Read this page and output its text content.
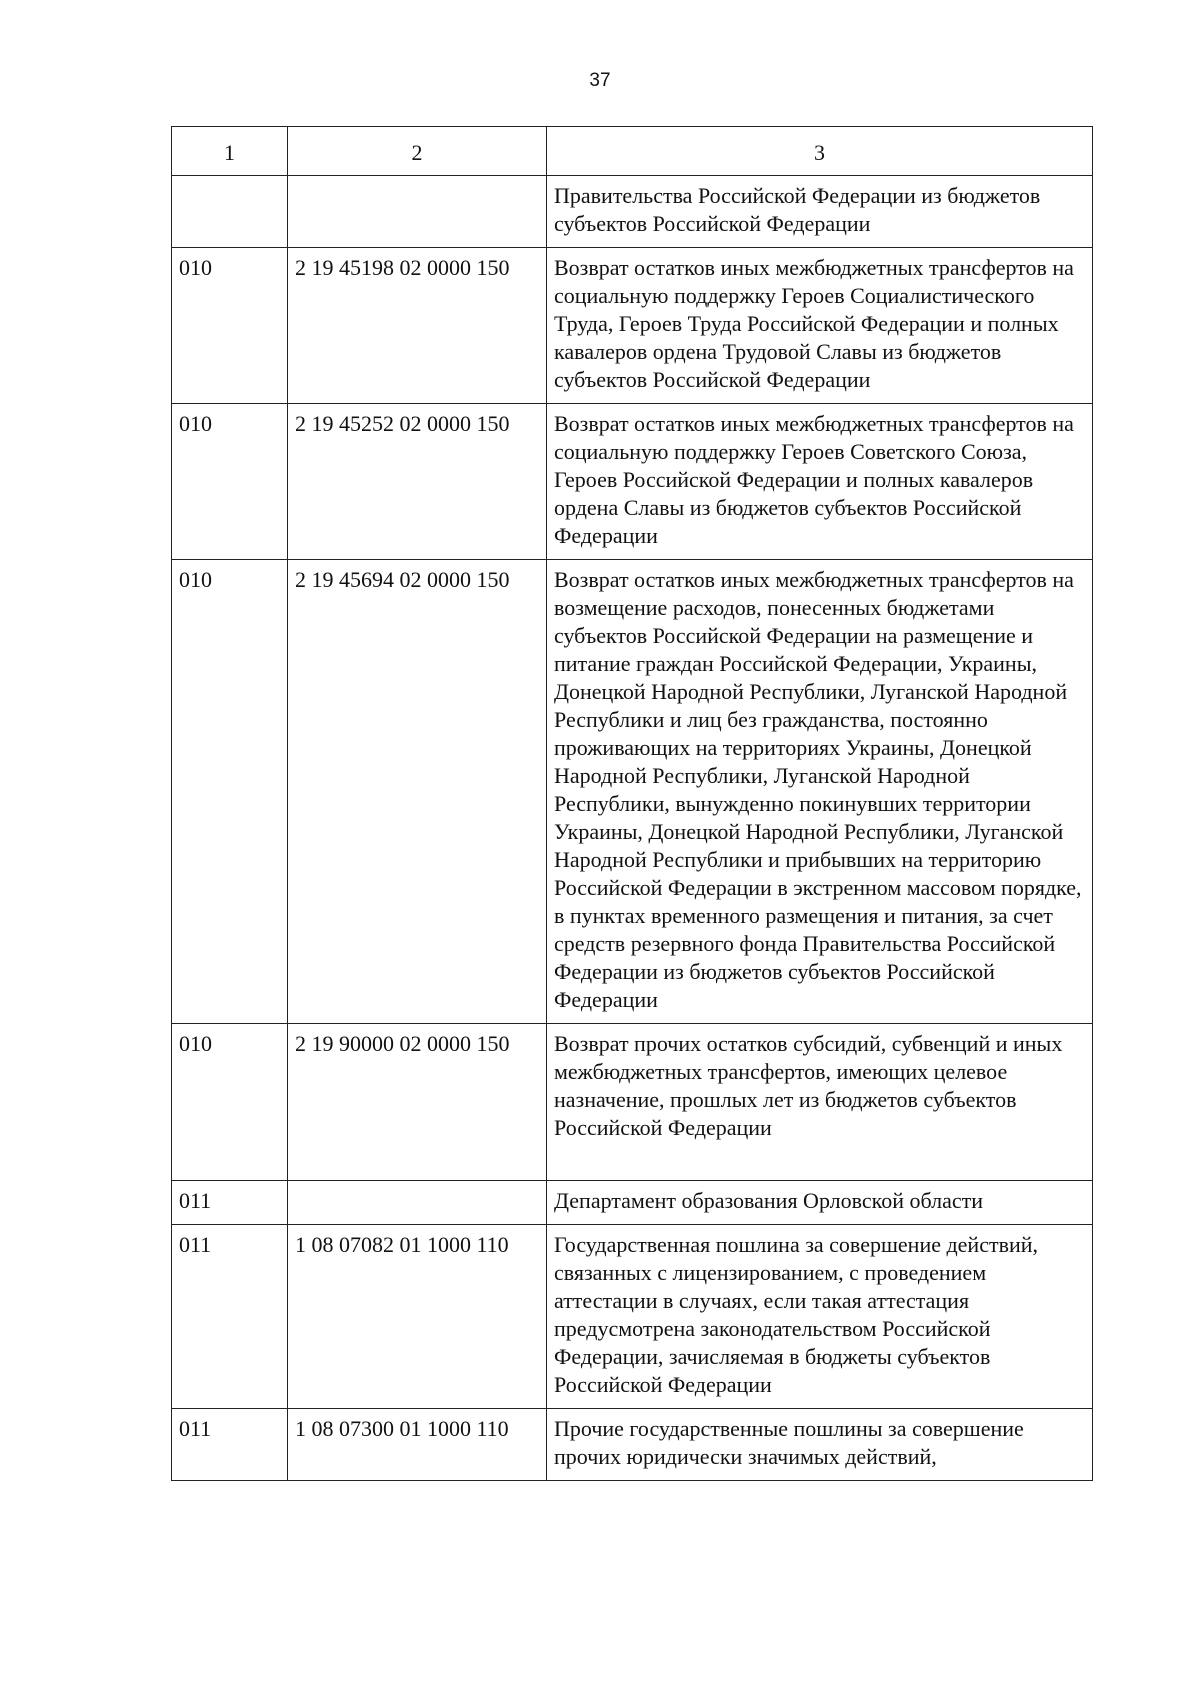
37
1	2	3
		Правительства Российской Федерации из бюджетов субъектов Российской Федерации
010	2 19 45198 02 0000 150	Возврат остатков иных межбюджетных трансфертов на социальную поддержку Героев Социалистического Труда, Героев Труда Российской Федерации и полных кавалеров ордена Трудовой Славы из бюджетов субъектов Российской Федерации
010	2 19 45252 02 0000 150	Возврат остатков иных межбюджетных трансфертов на социальную поддержку Героев Советского Союза, Героев Российской Федерации и полных кавалеров ордена Славы из бюджетов субъектов Российской Федерации
010	2 19 45694 02 0000 150	Возврат остатков иных межбюджетных трансфертов на возмещение расходов, понесенных бюджетами субъектов Российской Федерации на размещение и питание граждан Российской Федерации, Украины, Донецкой Народной Республики, Луганской Народной Республики и лиц без гражданства, постоянно проживающих на территориях Украины, Донецкой Народной Республики, Луганской Народной Республики, вынужденно покинувших территории Украины, Донецкой Народной Республики, Луганской Народной Республики и прибывших на территорию Российской Федерации в экстренном массовом порядке, в пунктах временного размещения и питания, за счет средств резервного фонда Правительства Российской Федерации из бюджетов субъектов Российской Федерации
010	2 19 90000 02 0000 150	Возврат прочих остатков субсидий, субвенций и иных межбюджетных трансфертов, имеющих целевое назначение, прошлых лет из бюджетов субъектов Российской Федерации
011		Департамент образования Орловской области
011	1 08 07082 01 1000 110	Государственная пошлина за совершение действий, связанных с лицензированием, с проведением аттестации в случаях, если такая аттестация предусмотрена законодательством Российской Федерации, зачисляемая в бюджеты субъектов Российской Федерации
011	1 08 07300 01 1000 110	Прочие государственные пошлины за совершение прочих юридически значимых действий,
